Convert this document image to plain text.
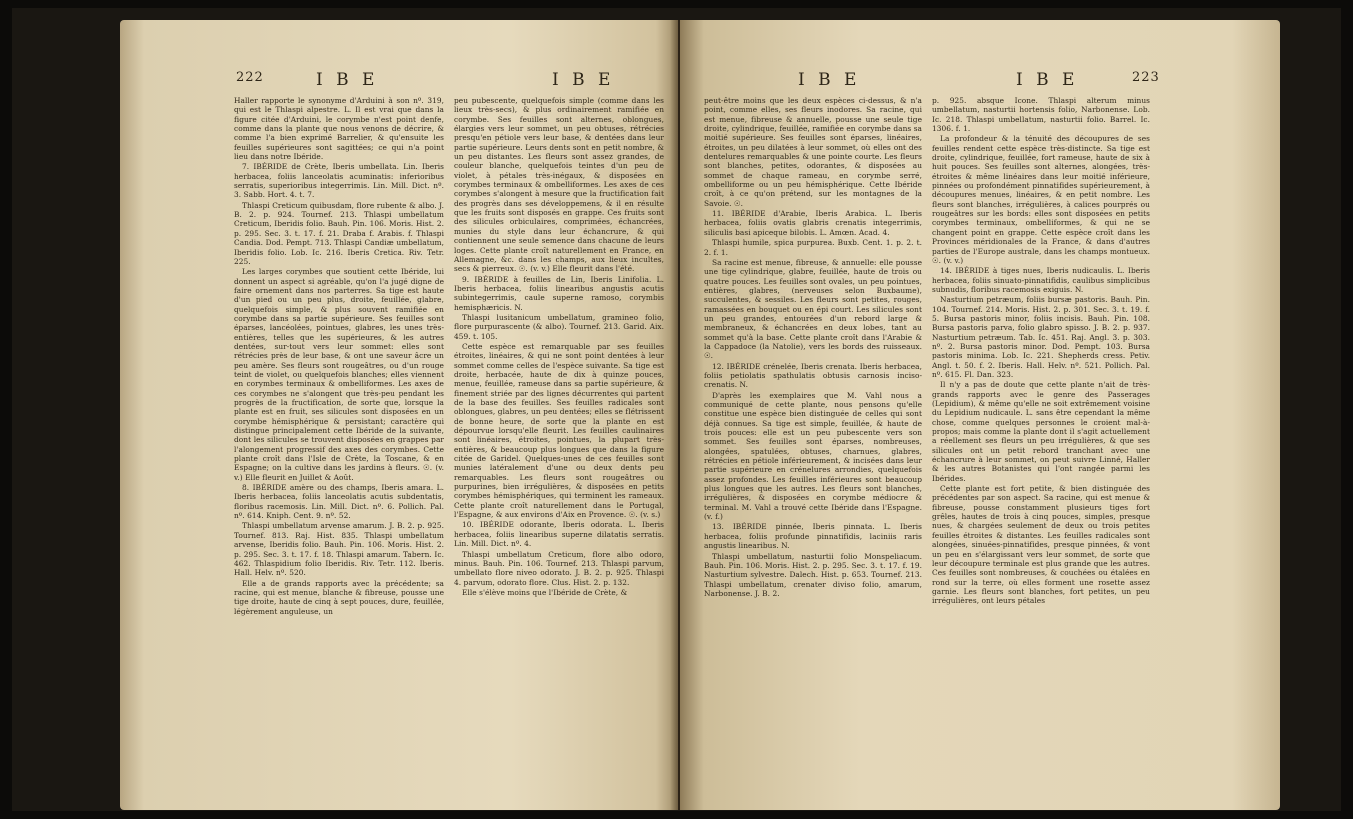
222	I B E	I B E

Haller rapporte le synonyme d'Arduini à son nº. 319, qui est le Thlaspi alpestre. L. Il est vrai que dans la figure citée d'Arduini, le corymbe n'est point denfe, comme dans la plante que nous venons de décrire, & comme l'a bien exprimé Barrelier, & qu'ensuite les feuilles supérieures sont sagittées; ce qui n'a point lieu dans notre Ibéride.

7. IBÉRIDE de Crète, Iberis umbellata. Lin. Iberis herbacea, foliis lanceolatis acuminatis: inferioribus serratis, superioribus integerrimis. Lin. Mill. Dict. nº. 3. Sabb. Hort. 4. t. 7.

Thlaspi Creticum quibusdam, flore rubente & albo. J. B. 2. p. 924. Tournef. 213. Thlaspi umbellatum Creticum, Iberidis folio. Bauh. Pin. 106. Moris. Hist. 2. p. 295. Sec. 3. t. 17. f. 21. Draba f. Arabis. f. Thlaspi Candia. Dod. Pempt. 713. Thlaspi Candiæ umbellatum, Iberidis folio. Lob. Ic. 216. Iberis Cretica. Riv. Tetr. 225.

Les larges corymbes que soutient cette Ibéride, lui donnent un aspect si agréable, qu'on l'a jugé digne de faire ornement dans nos parterres. Sa tige est haute d'un pied ou un peu plus, droite, feuillée, glabre, quelquefois simple, & plus souvent ramifiée en corymbe dans sa partie supérieure. Ses feuilles sont éparses, lancéolées, pointues, glabres, les unes très-entières, telles que les supérieures, & les autres dentées, sur-tout vers leur sommet: elles sont rétrécies près de leur base, & ont une saveur âcre un peu amère. Ses fleurs sont rougeâtres, ou d'un rouge teint de violet, ou quelquefois blanches; elles viennent en corymbes terminaux & ombelliformes. Les axes de ces corymbes ne s'alongent que très-peu pendant les progrès de la fructification, de sorte que, lorsque la plante est en fruit, ses silicules sont disposées en un corymbe hémisphérique & persistant; caractère qui distingue principalement cette Ibéride de la suivante, dont les silicules se trouvent disposées en grappes par l'alongement progressif des axes des corymbes. Cette plante croît dans l'Isle de Crète, la Toscane, & en Espagne; on la cultive dans les jardins à fleurs. ☉. (v. v.) Elle fleurit en Juillet & Août.

8. IBÉRIDE amère ou des champs, Iberis amara. L. Iberis herbacea, foliis lanceolatis acutis subdentatis, floribus racemosis. Lin. Mill. Dict. nº. 6. Pollich. Pal. nº. 614. Kniph. Cent. 9. nº. 52.

Thlaspi umbellatum arvense amarum. J. B. 2. p. 925. Tournef. 813. Raj. Hist. 835. Thlaspi umbellatum arvense, Iberidis folio. Bauh. Pin. 106. Moris. Hist. 2. p. 295. Sec. 3. t. 17. f. 18. Thlaspi amarum. Tabern. Ic. 462. Thlaspidium folio Iberidis. Riv. Tetr. 112. Iberis. Hall. Helv. nº. 520.

Elle a de grands rapports avec la précédente; sa racine, qui est menue, blanche & fibreuse, pousse une tige droite, haute de cinq à sept pouces, dure, feuillée, légèrement anguleuse, un

peu pubescente, quelquefois simple (comme dans les lieux très-secs), & plus ordinairement ramifiée en corymbe. Ses feuilles sont alternes, oblongues, élargies vers leur sommet, un peu obtuses, rétrécies presqu'en pétiole vers leur base, & dentées dans leur partie supérieure. Leurs dents sont en petit nombre, & un peu distantes. Les fleurs sont assez grandes, de couleur blanche, quelquefois teintes d'un peu de violet, à pétales très-inégaux, & disposées en corymbes terminaux & ombelliformes. Les axes de ces corymbes s'alongent à mesure que la fructification fait des progrès dans ses développemens, & il en résulte que les fruits sont disposés en grappe. Ces fruits sont des silicules orbiculaires, comprimées, échancrées, munies du style dans leur échancrure, & qui contiennent une seule semence dans chacune de leurs loges. Cette plante croît naturellement en France, en Allemagne, &c. dans les champs, aux lieux incultes, secs & pierreux. ☉. (v. v.) Elle fleurit dans l'été.

9. IBÉRIDE à feuilles de Lin, Iberis Linifolia. L. Iberis herbacea, foliis linearibus angustis acutis subintegerrimis, caule superne ramoso, corymbis hemisphæricis. N.

Thlaspi lusitanicum umbellatum, gramineo folio, flore purpurascente (& albo). Tournef. 213. Garid. Aix. 459. t. 105.

Cette espèce est remarquable par ses feuilles étroites, linéaires, & qui ne sont point dentées à leur sommet comme celles de l'espèce suivante. Sa tige est droite, herbacée, haute de dix à quinze pouces, menue, feuillée, rameuse dans sa partie supérieure, & finement striée par des lignes décurrentes qui partent de la base des feuilles. Ses feuilles radicales sont oblongues, glabres, un peu dentées; elles se flétrissent de bonne heure, de sorte que la plante en est dépourvue lorsqu'elle fleurit. Les feuilles caulinaires sont linéaires, étroites, pointues, la plupart très-entières, & beaucoup plus longues que dans la figure citée de Garidel. Quelques-unes de ces feuilles sont munies latéralement d'une ou deux dents peu remarquables. Les fleurs sont rougeâtres ou purpurines, bien irrégulières, & disposées en petits corymbes hémisphériques, qui terminent les rameaux. Cette plante croît naturellement dans le Portugal, l'Espagne, & aux environs d'Aix en Provence. ☉. (v. s.)

10. IBÉRIDE odorante, Iberis odorata. L. Iberis herbacea, foliis linearibus superne dilatatis serratis. Lin. Mill. Dict. nº. 4.

Thlaspi umbellatum Creticum, flore albo odoro, minus. Bauh. Pin. 106. Tournef. 213. Thlaspi parvum, umbellato flore niveo odorato. J. B. 2. p. 925. Thlaspi 4. parvum, odorato flore. Clus. Hist. 2. p. 132.

Elle s'élève moins que l'Ibéride de Crète, &

I B E	I B E	223

peut-être moins que les deux espèces ci-dessus, & n'a point, comme elles, ses fleurs inodores. Sa racine, qui est menue, fibreuse & annuelle, pousse une seule tige droite, cylindrique, feuillée, ramifiée en corymbe dans sa moitié supérieure. Ses feuilles sont éparses, linéaires, étroites, un peu dilatées à leur sommet, où elles ont des dentelures remarquables & une pointe courte. Les fleurs sont blanches, petites, odorantes, & disposées au sommet de chaque rameau, en corymbe serré, ombelliforme ou un peu hémisphérique. Cette Ibéride croît, à ce qu'on prétend, sur les montagnes de la Savoie. ☉.

11. IBÉRIDE d'Arabie, Iberis Arabica. L. Iberis herbacea, foliis ovatis glabris crenatis integerrimis, siliculis basi apiceque bilobis. L. Amœn. Acad. 4.

Thlaspi humile, spica purpurea. Buxb. Cent. 1. p. 2. t. 2. f. 1.

Sa racine est menue, fibreuse, & annuelle: elle pousse une tige cylindrique, glabre, feuillée, haute de trois ou quatre pouces. Les feuilles sont ovales, un peu pointues, entières, glabres, (nerveuses selon Buxbaume), succulentes, & sessiles. Les fleurs sont petites, rouges, ramassées en bouquet ou en épi court. Les silicules sont un peu grandes, entourées d'un rebord large & membraneux, & échancrées en deux lobes, tant au sommet qu'à la base. Cette plante croît dans l'Arabie & la Cappadoce (la Natolie), vers les bords des ruisseaux. ☉.

12. IBÉRIDE crénelée, Iberis crenata. Iberis herbacea, foliis petiolatis spathulatis obtusis carnosis inciso-crenatis. N.

D'après les exemplaires que M. Vahl nous a communiqué de cette plante, nous pensons qu'elle constitue une espèce bien distinguée de celles qui sont déjà connues. Sa tige est simple, feuillée, & haute de trois pouces: elle est un peu pubescente vers son sommet. Ses feuilles sont éparses, nombreuses, alongées, spatulées, obtuses, charnues, glabres, rétrécies en pétiole inférieurement, & incisées dans leur partie supérieure en crénelures arrondies, quelquefois assez profondes. Les feuilles inférieures sont beaucoup plus longues que les autres. Les fleurs sont blanches, irrégulières, & disposées en corymbe médiocre & terminal. M. Vahl a trouvé cette Ibéride dans l'Espagne. (v. f.)

13. IBÉRIDE pinnée, Iberis pinnata. L. Iberis herbacea, foliis profunde pinnatifidis, laciniis raris angustis linearibus. N.

Thlaspi umbellatum, nasturtii folio Monspeliacum. Bauh. Pin. 106. Moris. Hist. 2. p. 295. Sec. 3. t. 17. f. 19. Nasturtium sylvestre. Dalech. Hist. p. 653. Tournef. 213. Thlaspi umbellatum, crenater diviso folio, amarum, Narbonense. J. B. 2.

p. 925. absque Icone. Thlaspi alterum minus umbellatum, nasturtii hortensis folio, Narbonense. Lob. Ic. 218. Thlaspi umbellatum, nasturtii folio. Barrel. Ic. 1306. f. 1.

La profondeur & la ténuité des découpures de ses feuilles rendent cette espèce très-distincte. Sa tige est droite, cylindrique, feuillée, fort rameuse, haute de six à huit pouces. Ses feuilles sont alternes, alongées, très-étroites & même linéaires dans leur moitié inférieure, pinnées ou profondément pinnatifides supérieurement, à découpures menues, linéaires, & en petit nombre. Les fleurs sont blanches, irrégulières, à calices pourprés ou rougeâtres sur les bords: elles sont disposées en petits corymbes terminaux, ombelliformes, & qui ne se changent point en grappe. Cette espèce croît dans les Provinces méridionales de la France, & dans d'autres parties de l'Europe australe, dans les champs montueux. ☉. (v. v.)

14. IBÉRIDE à tiges nues, Iberis nudicaulis. L. Iberis herbacea, foliis sinuato-pinnatifidis, caulibus simplicibus subnudis, floribus racemosis exiguis. N.

Nasturtium petræum, foliis bursæ pastoris. Bauh. Pin. 104. Tournef. 214. Moris. Hist. 2. p. 301. Sec. 3. t. 19. f. 5. Bursa pastoris minor, foliis incisis. Bauh. Pin. 108. Bursa pastoris parva, folio glabro spisso. J. B. 2. p. 937. Nasturtium petræum. Tab. Ic. 451. Raj. Angl. 3. p. 303. nº. 2. Bursa pastoris minor. Dod. Pempt. 103. Bursa pastoris minima. Lob. Ic. 221. Shepherds cress. Petiv. Angl. t. 50. f. 2. Iberis. Hall. Helv. nº. 521. Pollich. Pal. nº. 615. Fl. Dan. 323.

Il n'y a pas de doute que cette plante n'ait de très-grands rapports avec le genre des Passerages (Lepidium), & même qu'elle ne soit extrêmement voisine du Lepidium nudicaule. L. sans être cependant la même chose, comme quelques personnes le croient mal-à-propos; mais comme la plante dont il s'agit actuellement a réellement ses fleurs un peu irrégulières, & que ses silicules ont un petit rebord tranchant avec une échancrure à leur sommet, on peut suivre Linné, Haller & les autres Botanistes qui l'ont rangée parmi les Ibérides.

Cette plante est fort petite, & bien distinguée des précédentes par son aspect. Sa racine, qui est menue & fibreuse, pousse constamment plusieurs tiges fort grêles, hautes de trois à cinq pouces, simples, presque nues, & chargées seulement de deux ou trois petites feuilles étroites & distantes. Les feuilles radicales sont alongées, sinuées-pinnatifides, presque pinnées, & vont un peu en s'élargissant vers leur sommet, de sorte que leur découpure terminale est plus grande que les autres. Ces feuilles sont nombreuses, & couchées ou étalées en rond sur la terre, où elles forment une rosette assez garnie. Les fleurs sont blanches, fort petites, un peu irrégulières, ont leurs pétales
